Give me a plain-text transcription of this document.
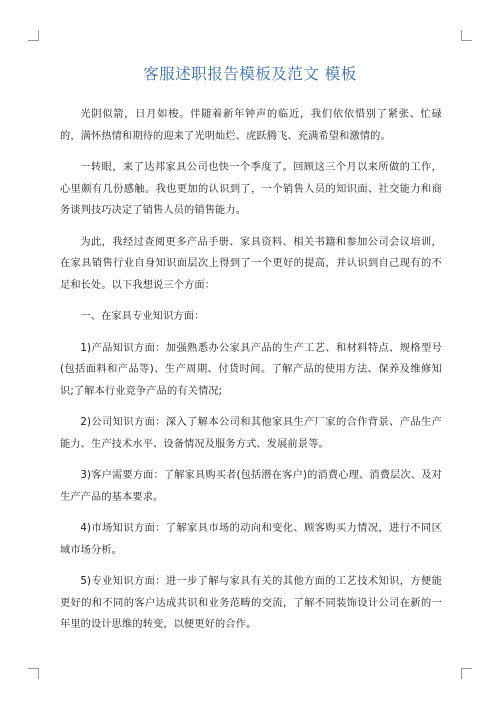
客服述职报告模板及范文 模板

光阴似箭，日月如梭。伴随着新年钟声的临近，我们依依惜别了紧张、忙碌的，满怀热情和期待的迎来了光明灿烂、虎跃腾飞、充满希望和激情的。

一转眼，来了达邦家具公司也快一个季度了。回顾这三个月以来所做的工作，心里颇有几份感触。我也更加的认识到了，一个销售人员的知识面、社交能力和商务谈判技巧决定了销售人员的销售能力。

为此，我经过查阅更多产品手册、家具资料、相关书籍和参加公司会议培训，在家具销售行业自身知识面层次上得到了一个更好的提高，并认识到自己现有的不足和长处。以下我想说三个方面：

一、在家具专业知识方面：

1)产品知识方面：加强熟悉办公家具产品的生产工艺、和材料特点、规格型号(包括面料和产品等)、生产周期、付货时间。了解产品的使用方法、保养及维修知识;了解本行业竞争产品的有关情况;

2)公司知识方面：深入了解本公司和其他家具生产厂家的合作背景、产品生产能力、生产技术水平、设备情况及服务方式、发展前景等。

3)客户需要方面：了解家具购买者(包括潜在客户)的消费心理、消费层次、及对生产产品的基本要求。

4)市场知识方面：了解家具市场的动向和变化、顾客购买力情况，进行不同区域市场分析。

5)专业知识方面：进一步了解与家具有关的其他方面的工艺技术知识，方便能更好的和不同的客户达成共识和业务范畴的交流，了解不同装饰设计公司在新的一年里的设计思维的转变，以便更好的合作。
